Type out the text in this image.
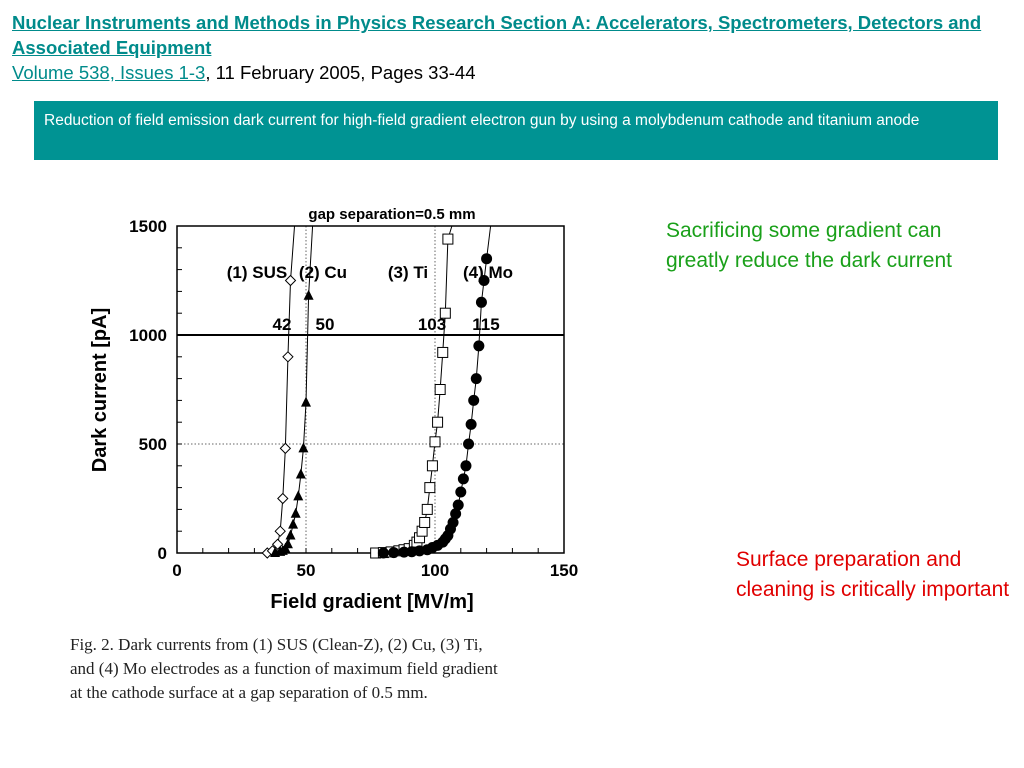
Nuclear Instruments and Methods in Physics Research Section A: Accelerators, Spectrometers, Detectors and Associated Equipment
Volume 538, Issues 1-3, 11 February 2005, Pages 33-44
Reduction of field emission dark current for high-field gradient electron gun by using a molybdenum cathode and titanium anode
Sacrificing some gradient can greatly reduce the dark current
Surface preparation and cleaning is critically important
gap separation=0.5 mm
Field gradient [MV/m]
Dark current [pA]
0	50	100	150
0
500
1000
1500
(1) SUS
42
(2) Cu
50
(3) Ti
103
(4) Mo
115
Fig. 2. Dark currents from (1) SUS (Clean-Z), (2) Cu, (3) Ti,
and (4) Mo electrodes as a function of maximum field gradient
at the cathode surface at a gap separation of 0.5 mm.
